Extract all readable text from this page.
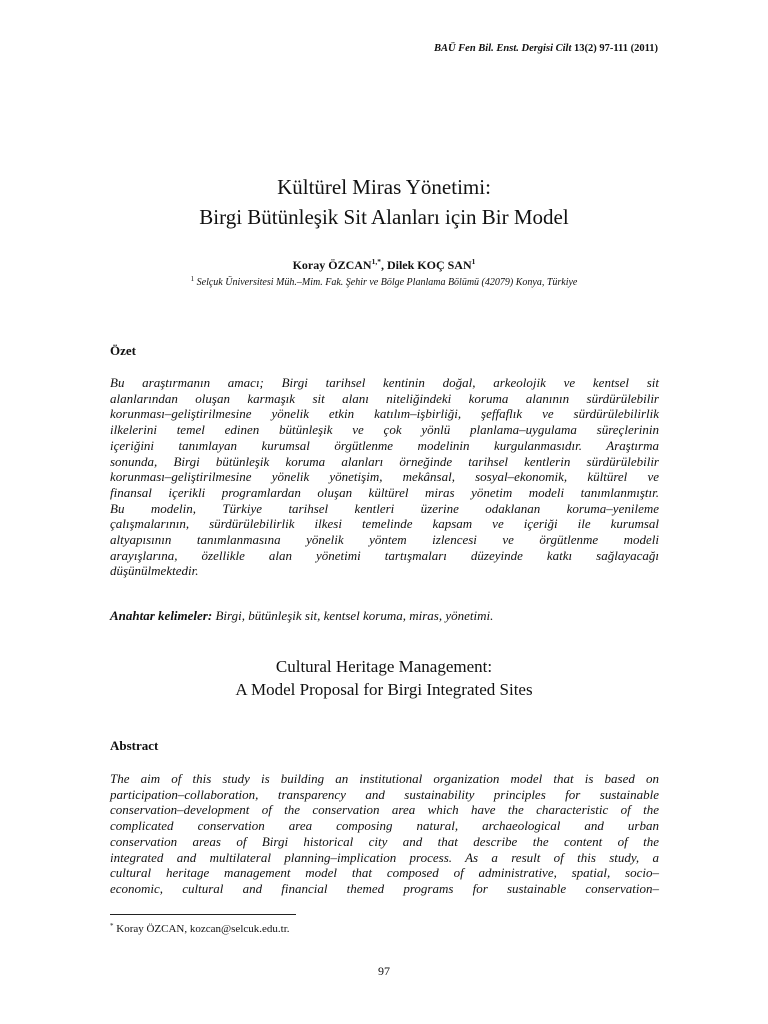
BAÜ Fen Bil. Enst. Dergisi Cilt 13(2) 97-111 (2011)
Kültürel Miras Yönetimi:
Birgi Bütünleşik Sit Alanları için Bir Model
Koray $ÖZCAN^{1,*}$, Dilek KOÇ SAN$^1$
$^1$ Selçuk Üniversitesi Müh.–Mim. Fak. Şehir ve Bölge Planlama Bölümü (42079) Konya, Türkiye
Özet
Bu araştırmanın amacı; Birgi tarihsel kentinin doğal, arkeolojik ve kentsel sit
alanlarından oluşan karmaşık sit alanı niteliğindeki koruma alanının sürdürülebilir
korunması–geliştirilmesine yönelik etkin katılım–işbirliği, şeffaflık ve sürdürülebilirlik
ilkelerini temel edinen bütünleşik ve çok yönlü planlama–uygulama süreçlerinin
içeriğini tanımlayan kurumsal örgütlenme modelinin kurgulanmasıdır. Araştırma
sonunda, Birgi bütünleşik koruma alanları örneğinde tarihsel kentlerin sürdürülebilir
korunması–geliştirilmesine yönelik yönetişim, mekânsal, sosyal–ekonomik, kültürel ve
finansal içerikli programlardan oluşan kültürel miras yönetim modeli tanımlanmıştır.
Bu modelin, Türkiye tarihsel kentleri üzerine odaklanan koruma–yenileme
çalışmalarının, sürdürülebilirlik ilkesi temelinde kapsam ve içeriği ile kurumsal
altyapısının tanımlanmasına yönelik yöntem izlencesi ve örgütlenme modeli
arayışlarına, özellikle alan yönetimi tartışmaları düzeyinde katkı sağlayacağı
düşünülmektedir.
Anahtar kelimeler: Birgi, bütünleşik sit, kentsel koruma, miras, yönetimi.
Cultural Heritage Management:
A Model Proposal for Birgi Integrated Sites
Abstract
The aim of this study is building an institutional organization model that is based on
participation–collaboration, transparency and sustainability principles for sustainable
conservation–development of the conservation area which have the characteristic of the
complicated conservation area composing natural, archaeological and urban
conservation areas of Birgi historical city and that describe the content of the
integrated and multilateral planning–implication process. As a result of this study, a
cultural heritage management model that composed of administrative, spatial, socio–
economic, cultural and financial themed programs for sustainable conservation–
* Koray ÖZCAN, kozcan@selcuk.edu.tr.
97
